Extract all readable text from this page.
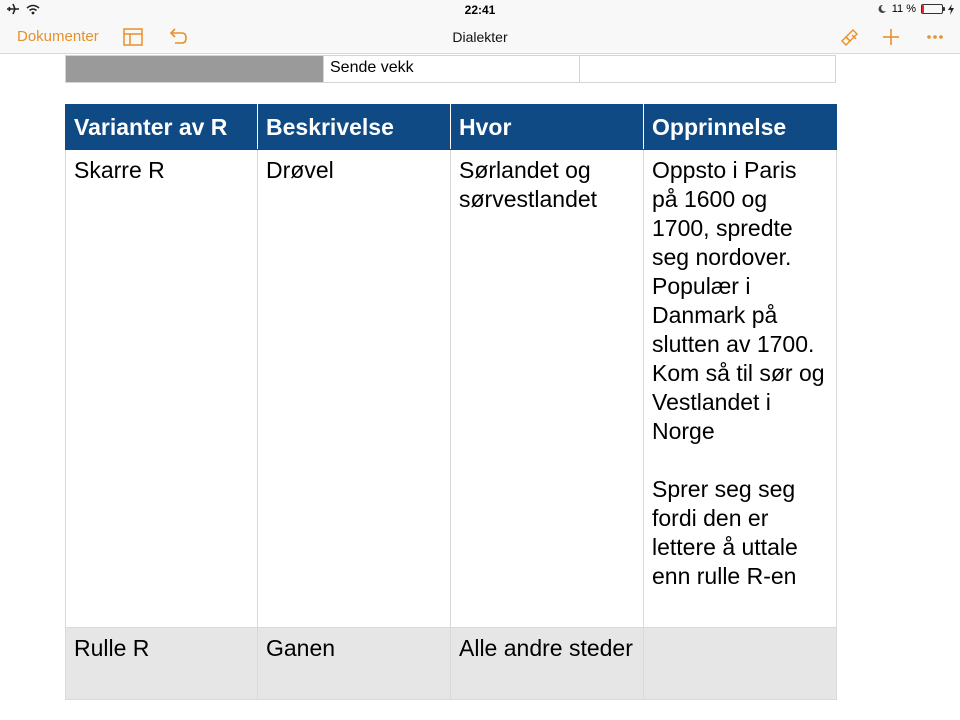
22:41	11 %
Dokumenter	Dialekter
	Sende vekk	
Varianter av R	Beskrivelse	Hvor	Opprinnelse
Skarre R	Drøvel	Sørlandet og sørvestlandet	Oppsto i Paris på 1600 og 1700, spredte seg nordover. Populær i Danmark på slutten av 1700. Kom så til sør og Vestlandet i Norge
Sprer seg seg fordi den er lettere å uttale enn rulle R-en

Rulle R	Ganen	Alle andre steder	
